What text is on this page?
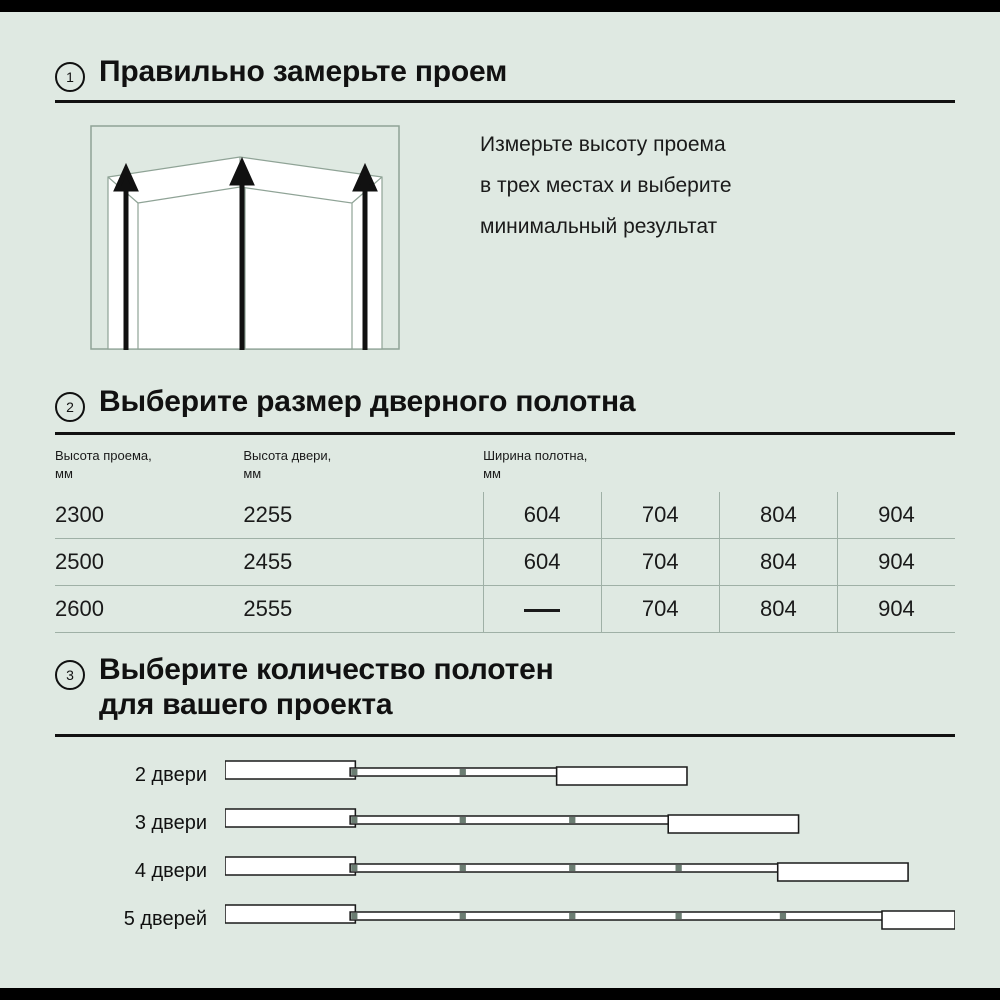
1 Правильно замерьте проем
Измерьте высоту проема
в трех местах и выберите
минимальный результат
2 Выберите размер дверного полотна
Высота проема,
мм	Высота двери,
мм	Ширина полотна,
мм			
2300	2255	604	704	804	904
2500	2455	604	704	804	904
2600	2555		704	804	904
3 Выберите количество полотен
для вашего проекта
2 двери
3 двери
4 двери
5 дверей
